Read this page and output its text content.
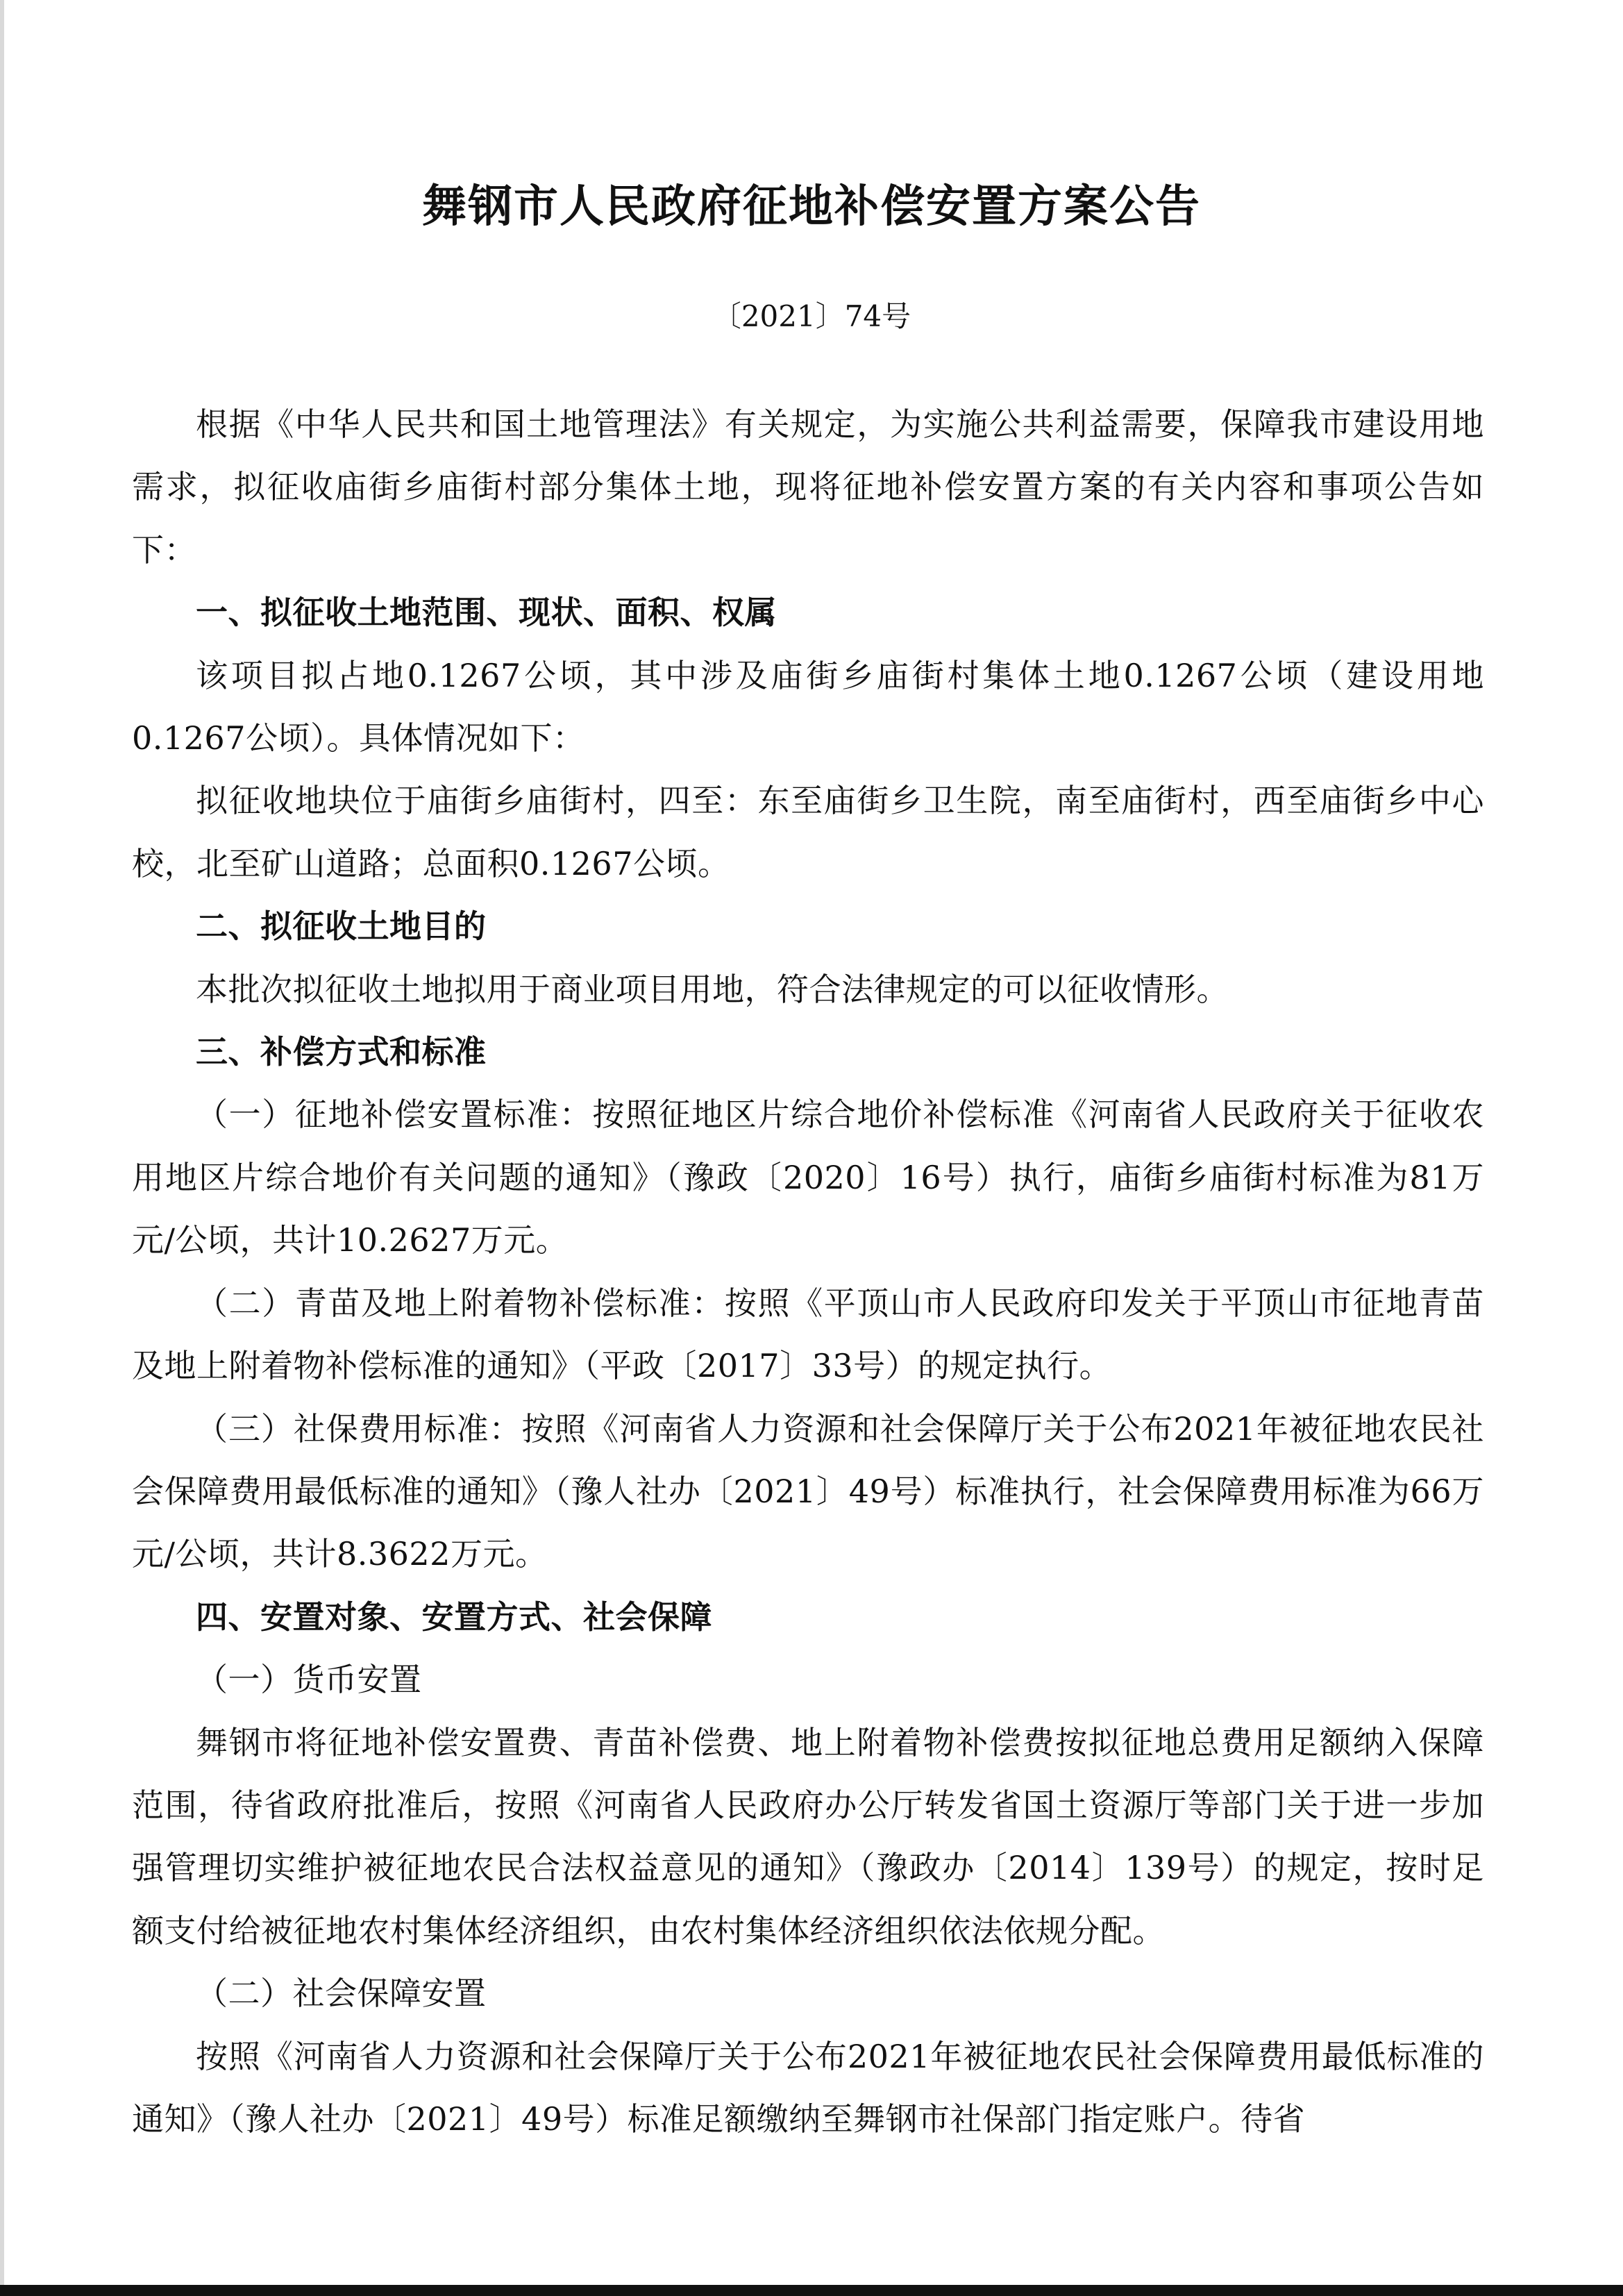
舞钢市人民政府征地补偿安置方案公告
〔2021〕74号

根据《中华人民共和国土地管理法》有关规定，为实施公共利益需要，保障我市建设用地需求，拟征收庙街乡庙街村部分集体土地，现将征地补偿安置方案的有关内容和事项公告如下：

一、拟征收土地范围、现状、面积、权属

该项目拟占地0.1267公顷，其中涉及庙街乡庙街村集体土地0.1267公顷（建设用地0.1267公顷）。具体情况如下：

拟征收地块位于庙街乡庙街村，四至：东至庙街乡卫生院，南至庙街村，西至庙街乡中心校，北至矿山道路；总面积0.1267公顷。

二、拟征收土地目的

本批次拟征收土地拟用于商业项目用地，符合法律规定的可以征收情形。

三、补偿方式和标准

（一）征地补偿安置标准：按照征地区片综合地价补偿标准《河南省人民政府关于征收农用地区片综合地价有关问题的通知》（豫政〔2020〕16号）执行，庙街乡庙街村标准为81万元/公顷，共计10.2627万元。

（二）青苗及地上附着物补偿标准：按照《平顶山市人民政府印发关于平顶山市征地青苗及地上附着物补偿标准的通知》（平政〔2017〕33号）的规定执行。

（三）社保费用标准：按照《河南省人力资源和社会保障厅关于公布2021年被征地农民社会保障费用最低标准的通知》（豫人社办〔2021〕49号）标准执行，社会保障费用标准为66万元/公顷，共计8.3622万元。

四、安置对象、安置方式、社会保障

（一）货币安置

舞钢市将征地补偿安置费、青苗补偿费、地上附着物补偿费按拟征地总费用足额纳入保障范围，待省政府批准后，按照《河南省人民政府办公厅转发省国土资源厅等部门关于进一步加强管理切实维护被征地农民合法权益意见的通知》（豫政办〔2014〕139号）的规定，按时足额支付给被征地农村集体经济组织，由农村集体经济组织依法依规分配。

（二）社会保障安置

按照《河南省人力资源和社会保障厅关于公布2021年被征地农民社会保障费用最低标准的通知》（豫人社办〔2021〕49号）标准足额缴纳至舞钢市社保部门指定账户。待省
